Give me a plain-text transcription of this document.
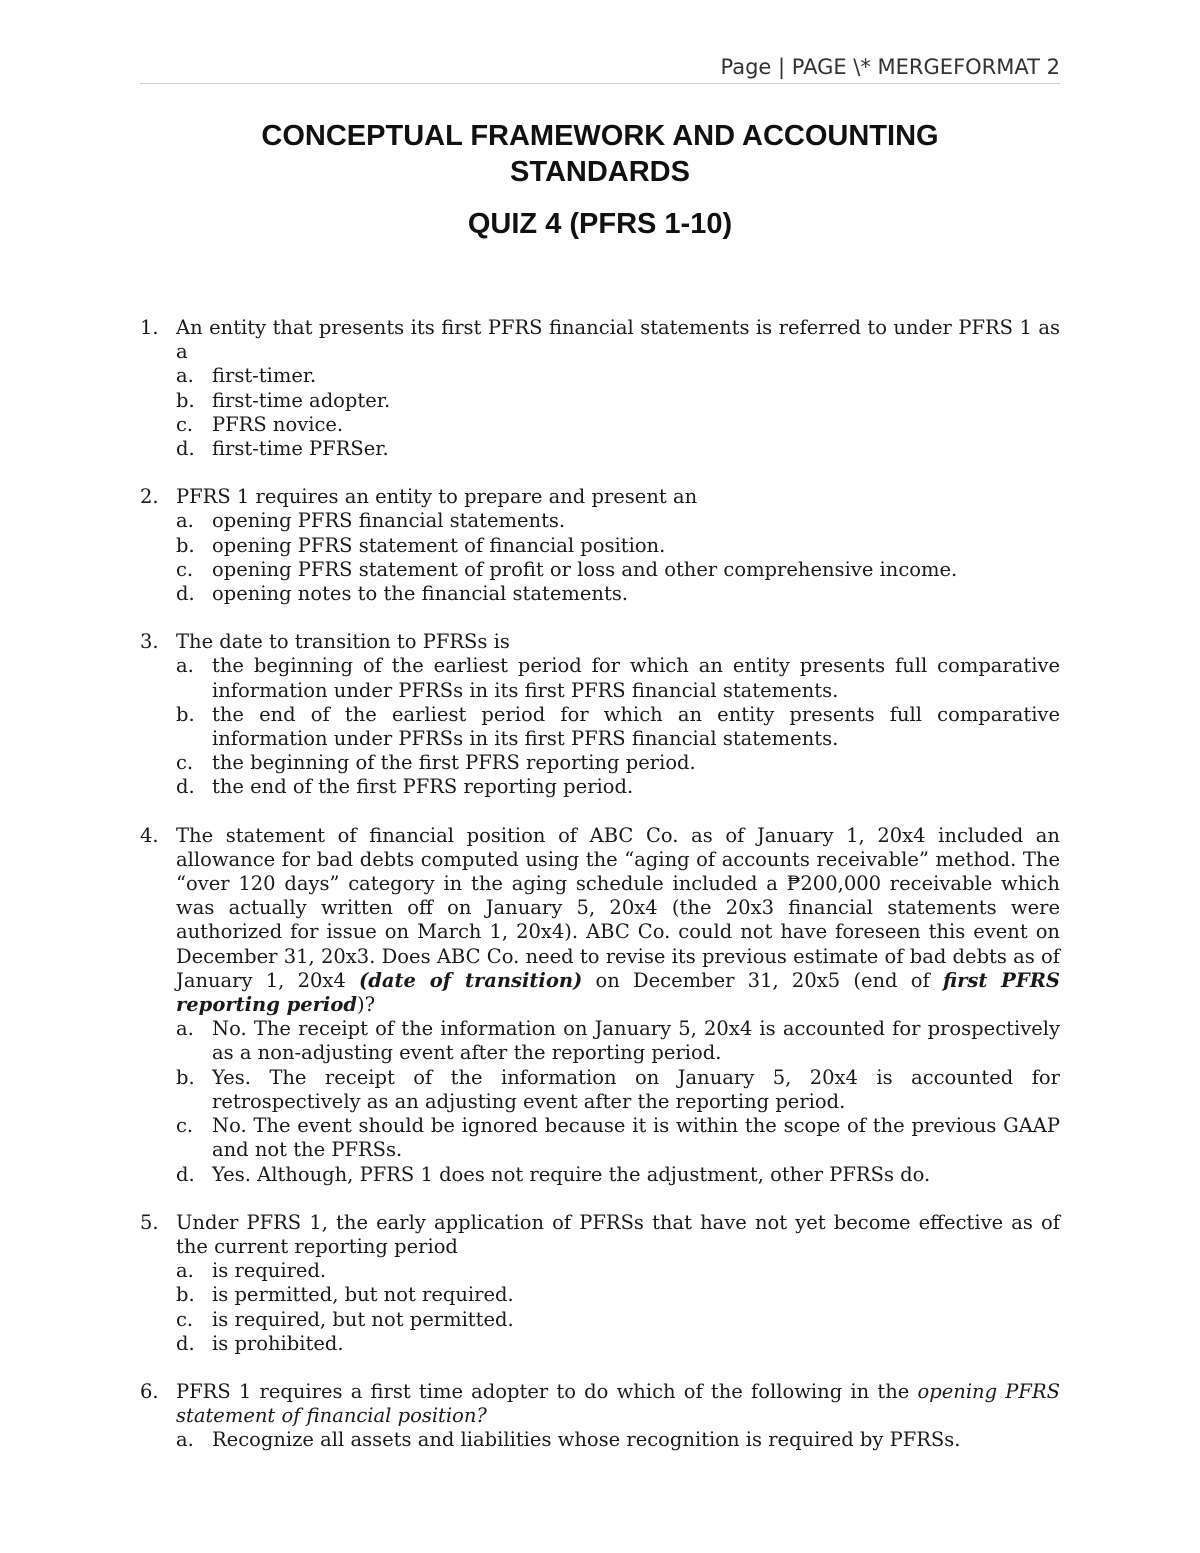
Page | PAGE \* MERGEFORMAT 2
CONCEPTUAL FRAMEWORK AND ACCOUNTING
STANDARDS
QUIZ 4 (PFRS 1-10)
1. An entity that presents its first PFRS financial statements is referred to under PFRS 1 as a
a. first-timer.
b. first-time adopter.
c. PFRS novice.
d. first-time PFRSer.
2. PFRS 1 requires an entity to prepare and present an
a. opening PFRS financial statements.
b. opening PFRS statement of financial position.
c. opening PFRS statement of profit or loss and other comprehensive income.
d. opening notes to the financial statements.
3. The date to transition to PFRSs is
a. the beginning of the earliest period for which an entity presents full comparative information under PFRSs in its first PFRS financial statements.
b. the end of the earliest period for which an entity presents full comparative information under PFRSs in its first PFRS financial statements.
c. the beginning of the first PFRS reporting period.
d. the end of the first PFRS reporting period.
4. The statement of financial position of ABC Co. as of January 1, 20x4 included an allowance for bad debts computed using the “aging of accounts receivable” method. The “over 120 days” category in the aging schedule included a ₱200,000 receivable which was actually written off on January 5, 20x4 (the 20x3 financial statements were authorized for issue on March 1, 20x4). ABC Co. could not have foreseen this event on December 31, 20x3. Does ABC Co. need to revise its previous estimate of bad debts as of January 1, 20x4 (date of transition) on December 31, 20x5 (end of first PFRS reporting period)?
a. No. The receipt of the information on January 5, 20x4 is accounted for prospectively as a non-adjusting event after the reporting period.
b. Yes. The receipt of the information on January 5, 20x4 is accounted for retrospectively as an adjusting event after the reporting period.
c. No. The event should be ignored because it is within the scope of the previous GAAP and not the PFRSs.
d. Yes. Although, PFRS 1 does not require the adjustment, other PFRSs do.
5. Under PFRS 1, the early application of PFRSs that have not yet become effective as of the current reporting period
a. is required.
b. is permitted, but not required.
c. is required, but not permitted.
d. is prohibited.
6. PFRS 1 requires a first time adopter to do which of the following in the opening PFRS statement of financial position?
a. Recognize all assets and liabilities whose recognition is required by PFRSs.
